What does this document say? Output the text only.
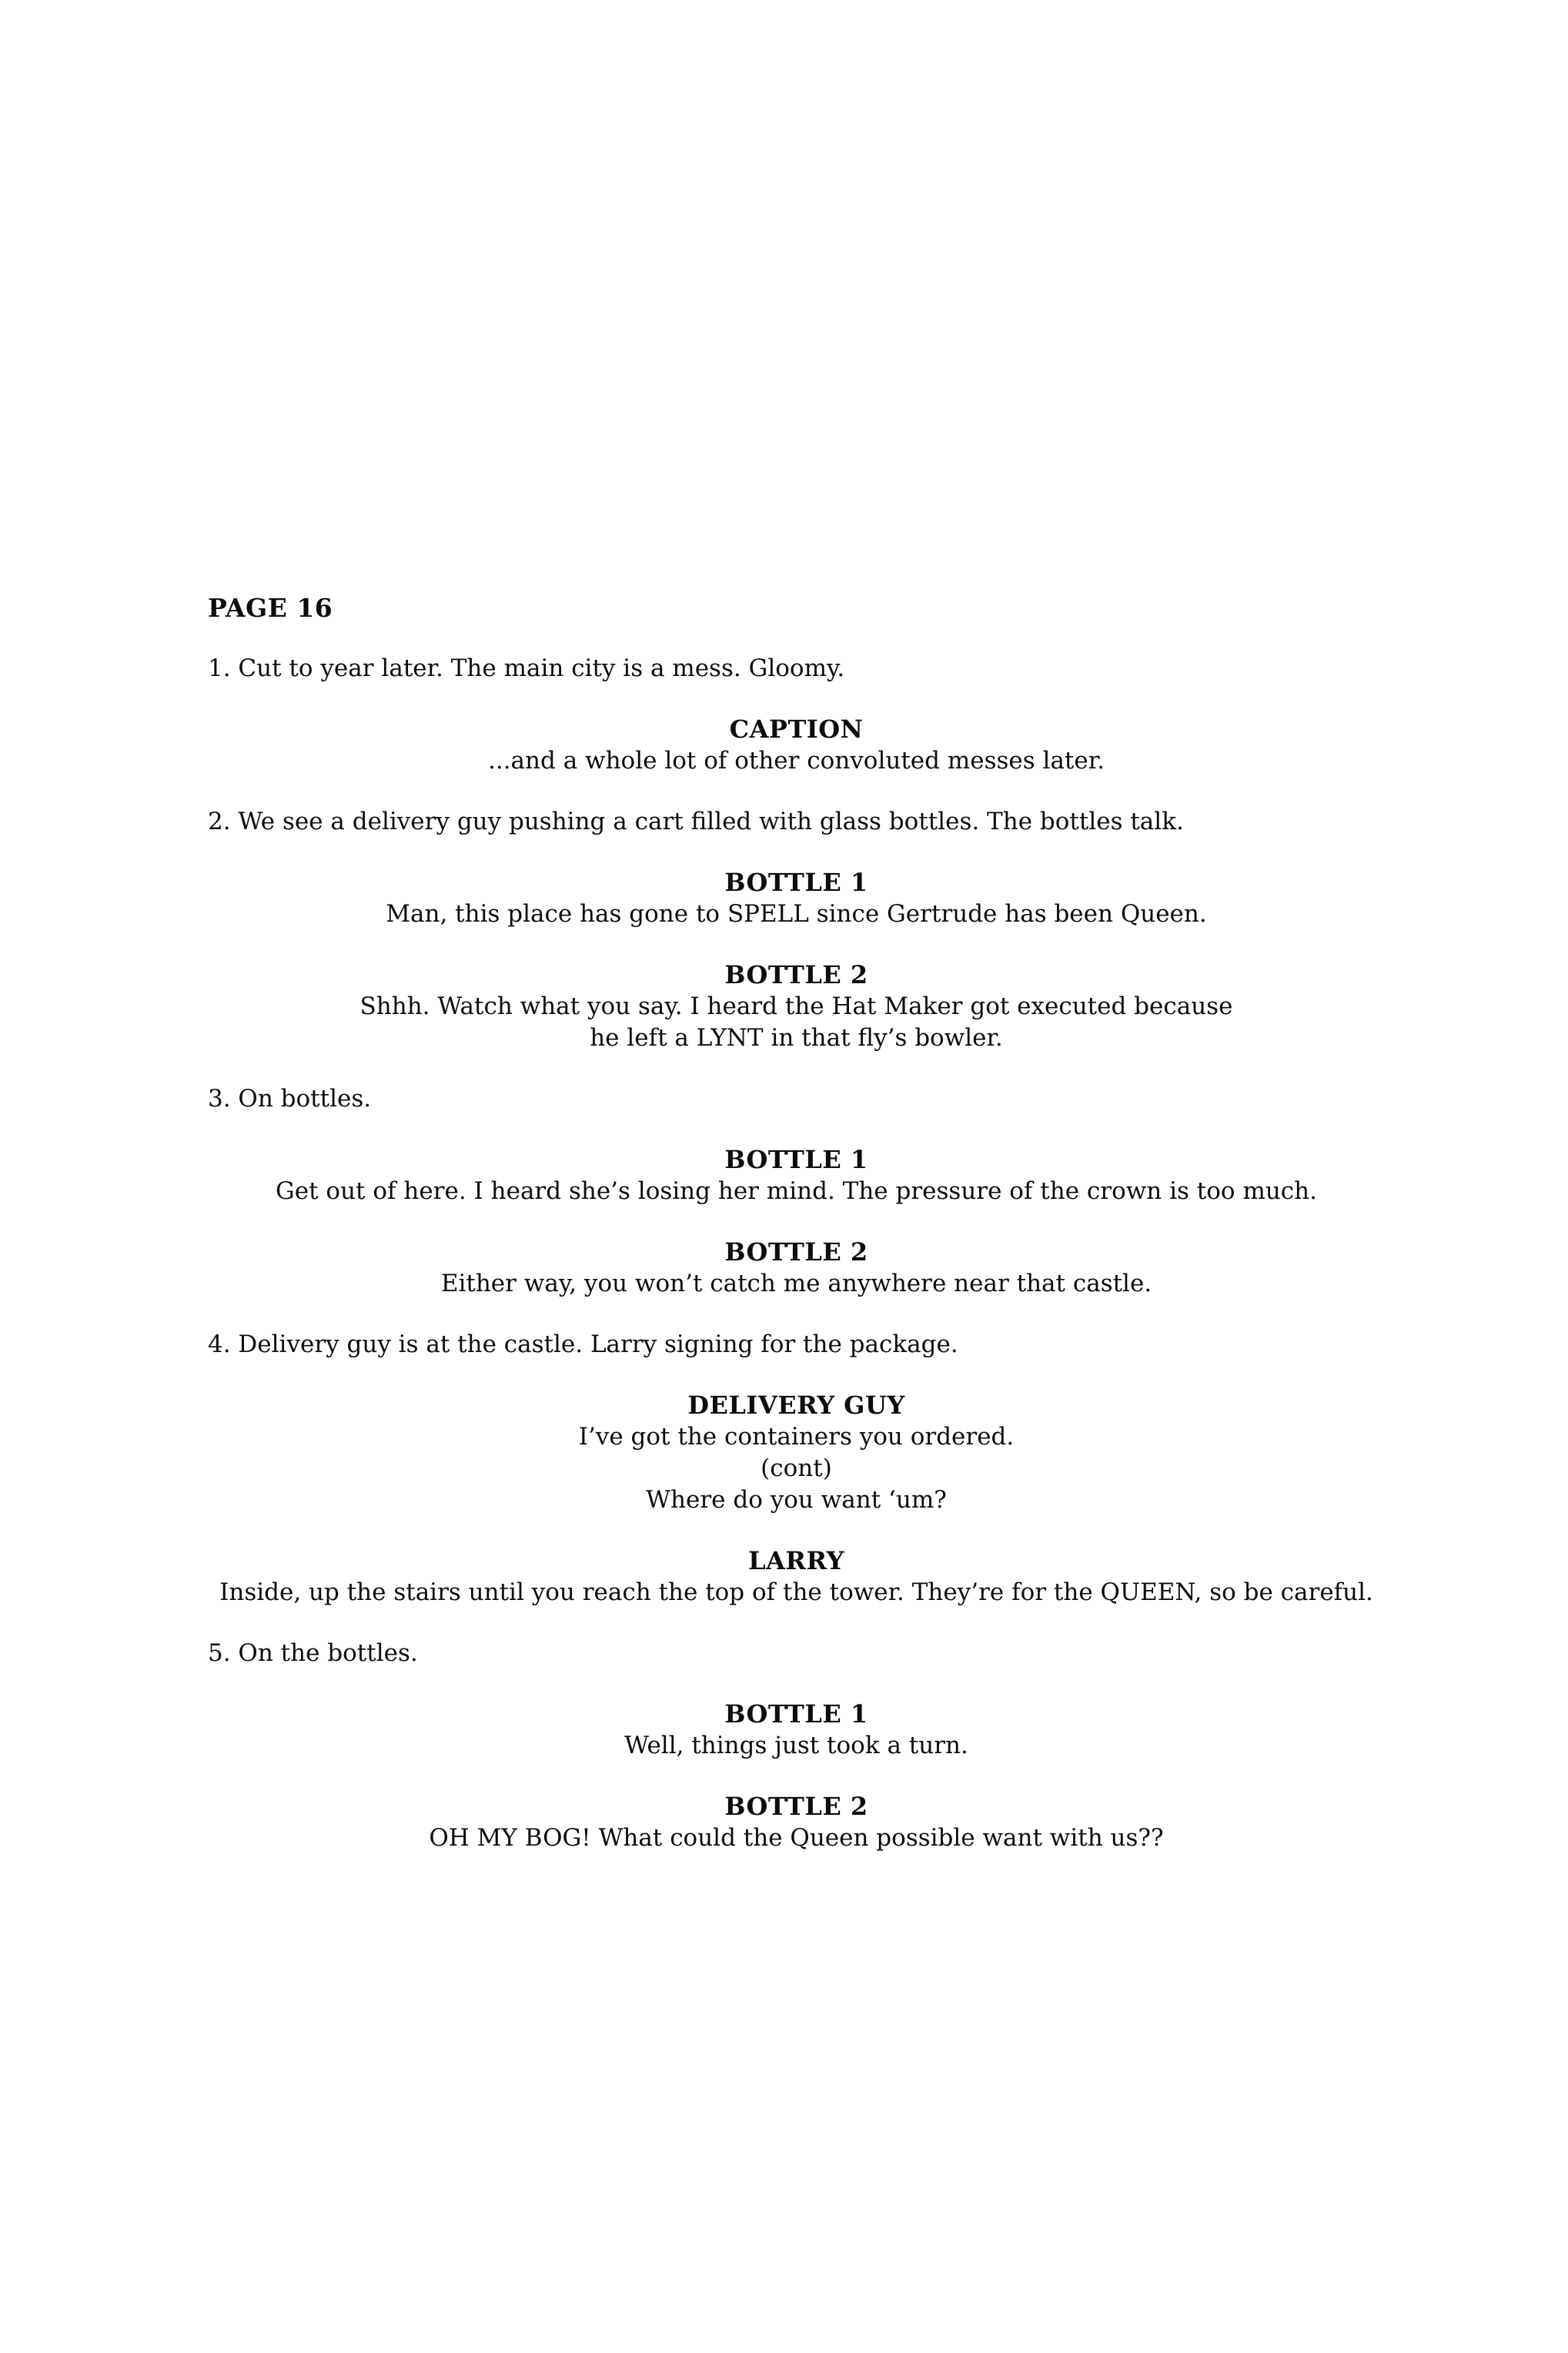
PAGE 16
1. Cut to year later. The main city is a mess. Gloomy.
CAPTION
...and a whole lot of other convoluted messes later.
2. We see a delivery guy pushing a cart filled with glass bottles. The bottles talk.
BOTTLE 1
Man, this place has gone to SPELL since Gertrude has been Queen.
BOTTLE 2
Shhh. Watch what you say. I heard the Hat Maker got executed because
he left a LYNT in that fly’s bowler.
3. On bottles.
BOTTLE 1
Get out of here. I heard she’s losing her mind. The pressure of the crown is too much.
BOTTLE 2
Either way, you won’t catch me anywhere near that castle.
4. Delivery guy is at the castle. Larry signing for the package.
DELIVERY GUY
I’ve got the containers you ordered.
(cont)
Where do you want ‘um?
LARRY
Inside, up the stairs until you reach the top of the tower. They’re for the QUEEN, so be careful.
5. On the bottles.
BOTTLE 1
Well, things just took a turn.
BOTTLE 2
OH MY BOG! What could the Queen possible want with us??
